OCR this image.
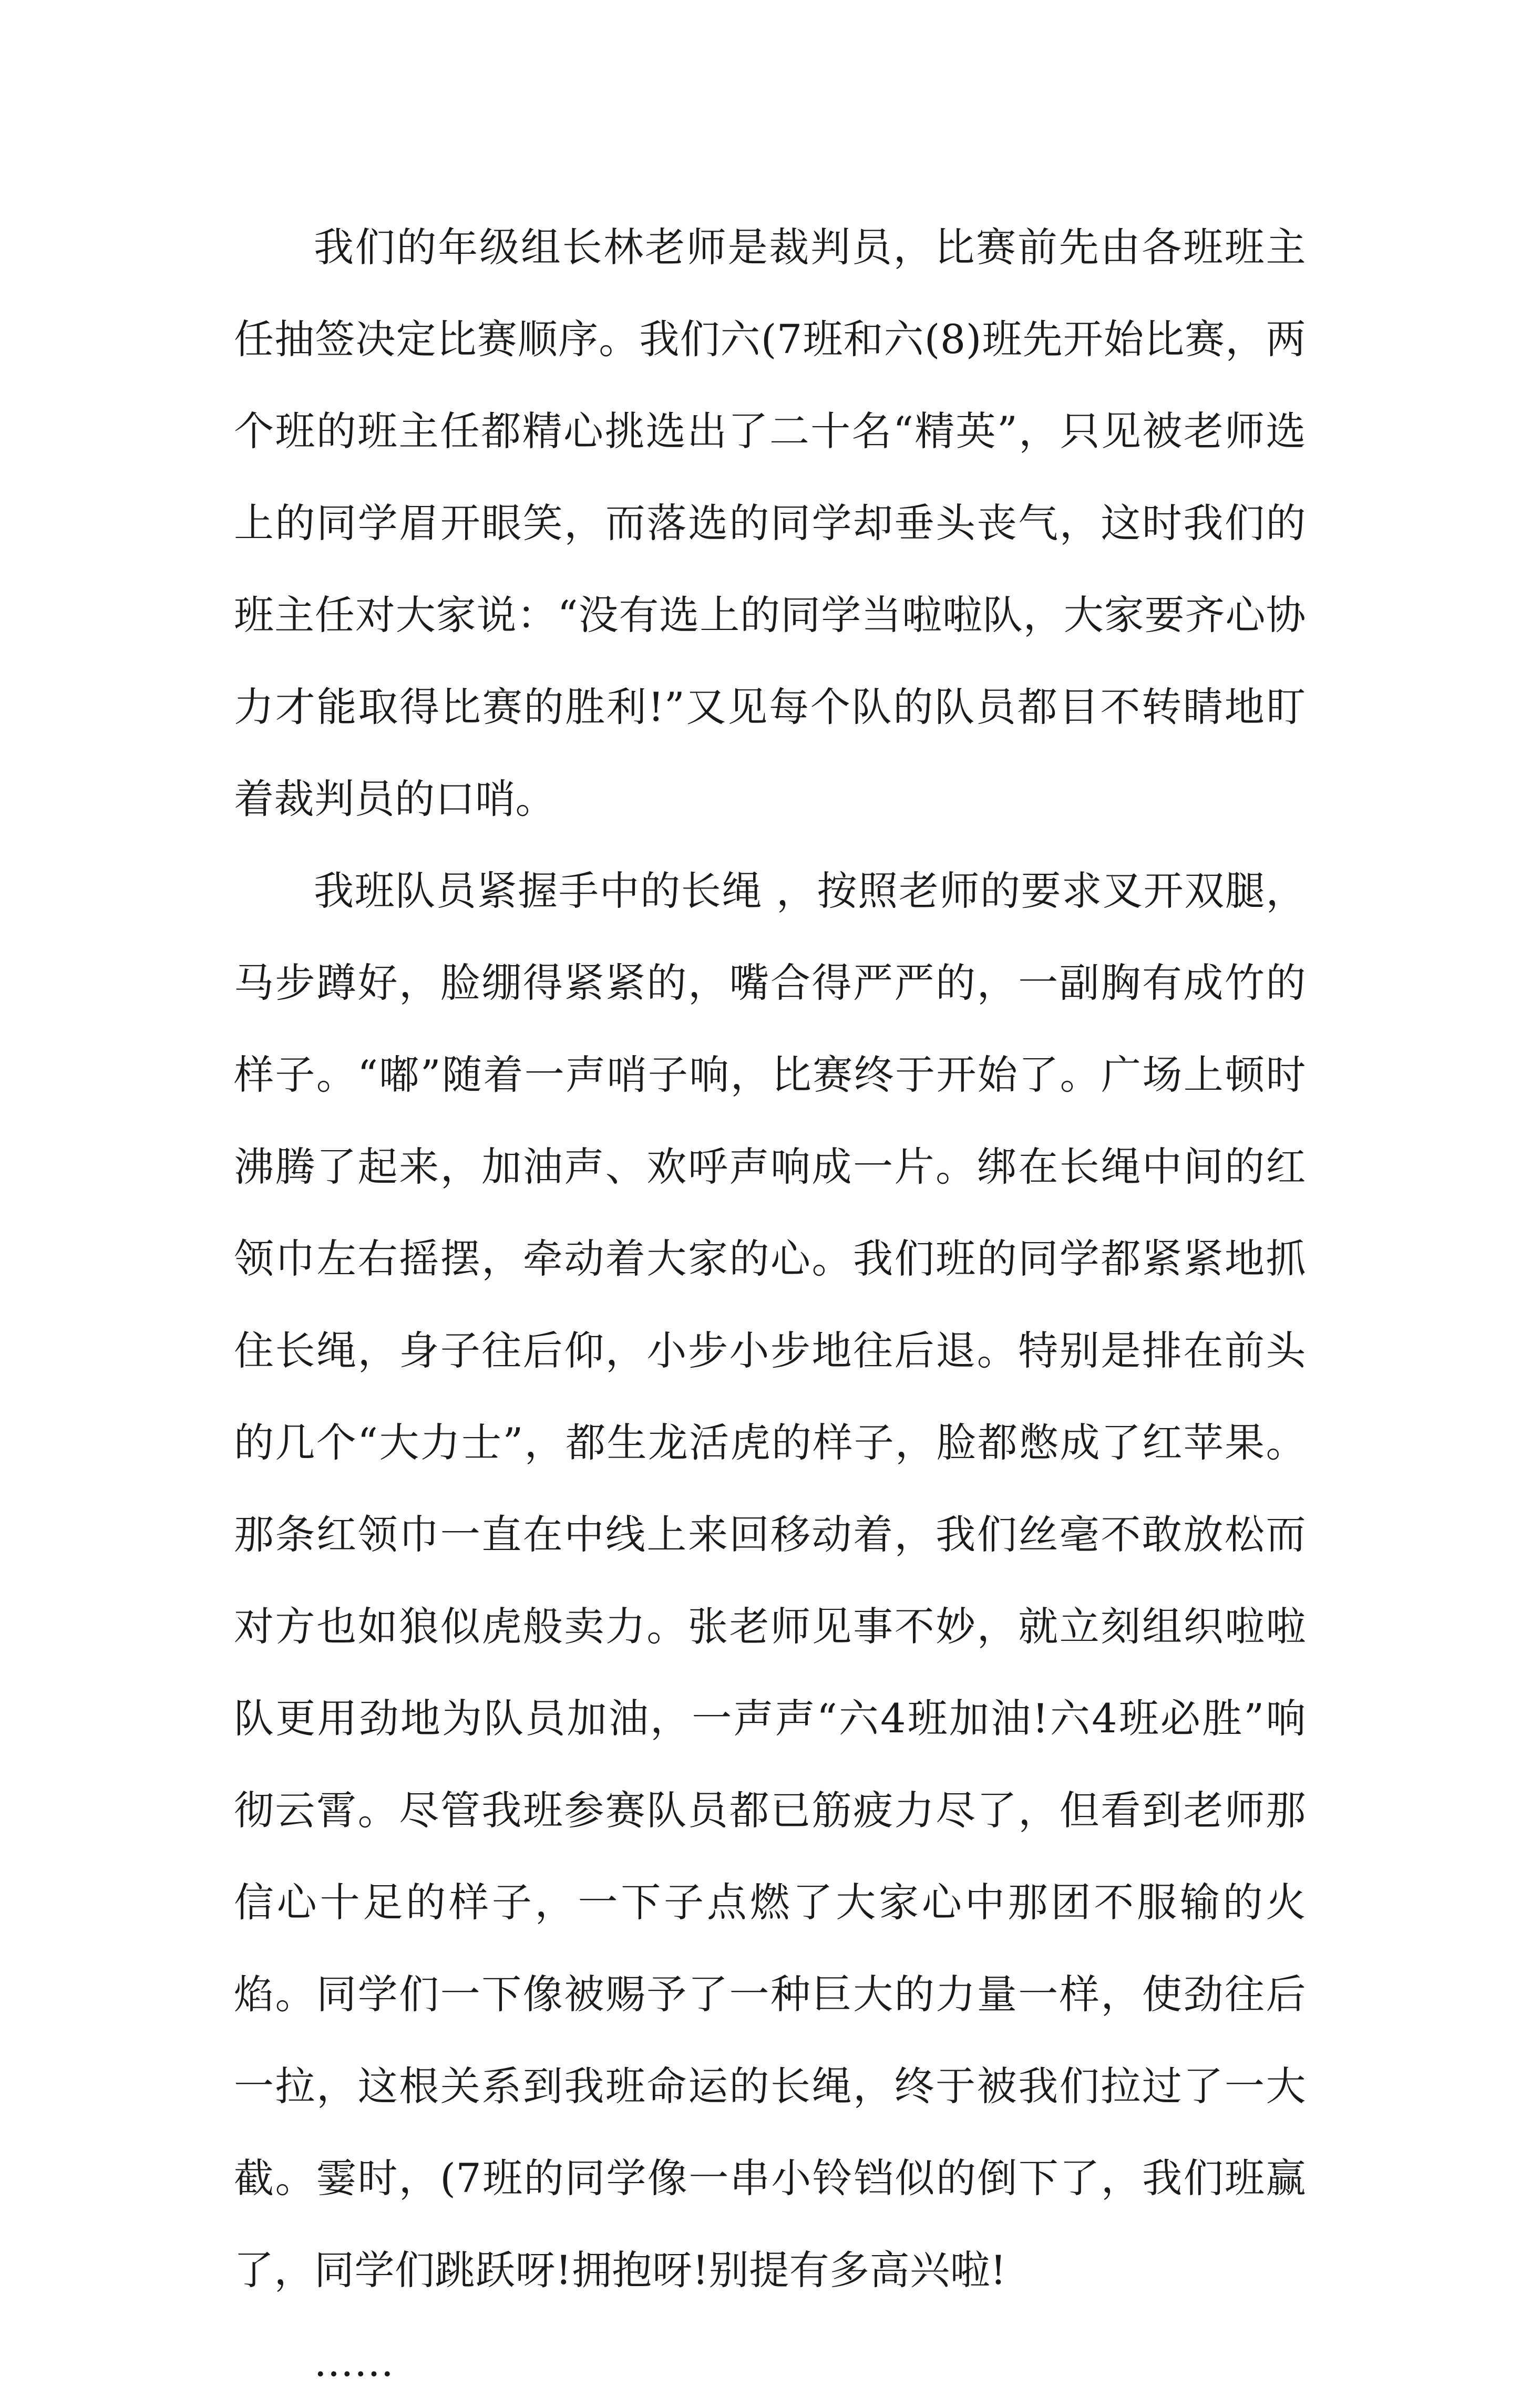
我们的年级组长林老师是裁判员，比赛前先由各班班主任抽签决定比赛顺序。我们六(7班和六(8)班先开始比赛，两个班的班主任都精心挑选出了二十名“精英”，只见被老师选上的同学眉开眼笑，而落选的同学却垂头丧气，这时我们的班主任对大家说：“没有选上的同学当啦啦队，大家要齐心协力才能取得比赛的胜利!”又见每个队的队员都目不转睛地盯着裁判员的口哨。

我班队员紧握手中的长绳 ，按照老师的要求叉开双腿，马步蹲好，脸绷得紧紧的，嘴合得严严的，一副胸有成竹的样子。“嘟”随着一声哨子响，比赛终于开始了。广场上顿时沸腾了起来，加油声、欢呼声响成一片。绑在长绳中间的红领巾左右摇摆，牵动着大家的心。我们班的同学都紧紧地抓住长绳，身子往后仰，小步小步地往后退。特别是排在前头的几个“大力士”，都生龙活虎的样子，脸都憋成了红苹果。那条红领巾一直在中线上来回移动着，我们丝毫不敢放松而对方也如狼似虎般卖力。张老师见事不妙，就立刻组织啦啦队更用劲地为队员加油，一声声“六4班加油!六4班必胜”响彻云霄。尽管我班参赛队员都已筋疲力尽了，但看到老师那信心十足的样子，一下子点燃了大家心中那团不服输的火焰。同学们一下像被赐予了一种巨大的力量一样，使劲往后一拉，这根关系到我班命运的长绳，终于被我们拉过了一大截。霎时，(7班的同学像一串小铃铛似的倒下了，我们班赢了，同学们跳跃呀!拥抱呀!别提有多高兴啦!

……
